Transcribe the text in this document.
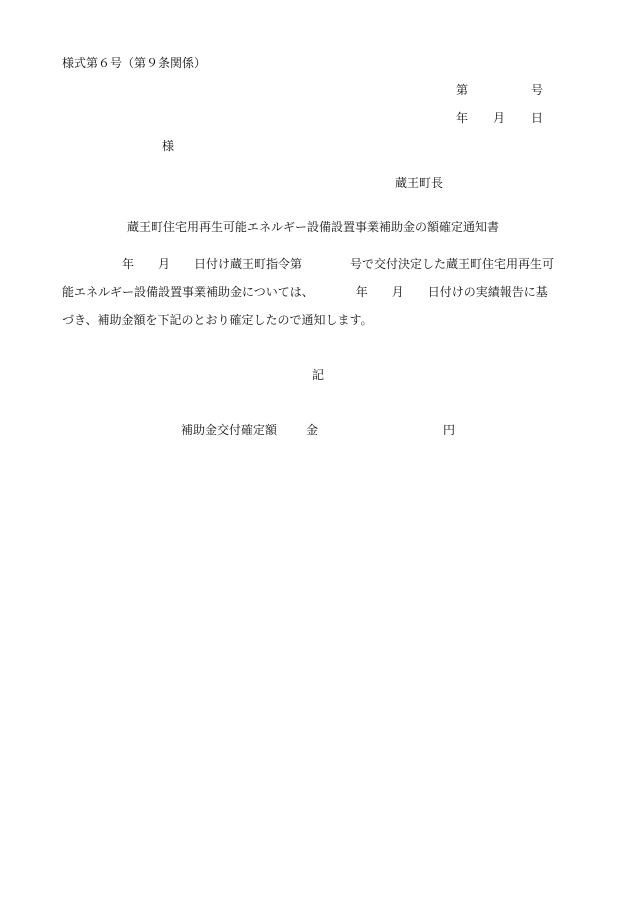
様式第６号（第９条関係）
第	号
年 月 日
様
蔵王町長
蔵王町住宅用再生可能エネルギー設備設置事業補助金の額確定通知書
　　　　　年　　月　　日付け蔵王町指令第　　　　号で交付決定した蔵王町住宅用再生可
能エネルギー設備設置事業補助金については、　　　　年　　月　　日付けの実績報告に基
づき、補助金額を下記のとおり確定したので通知します。
記
補助金交付確定額 金	円
